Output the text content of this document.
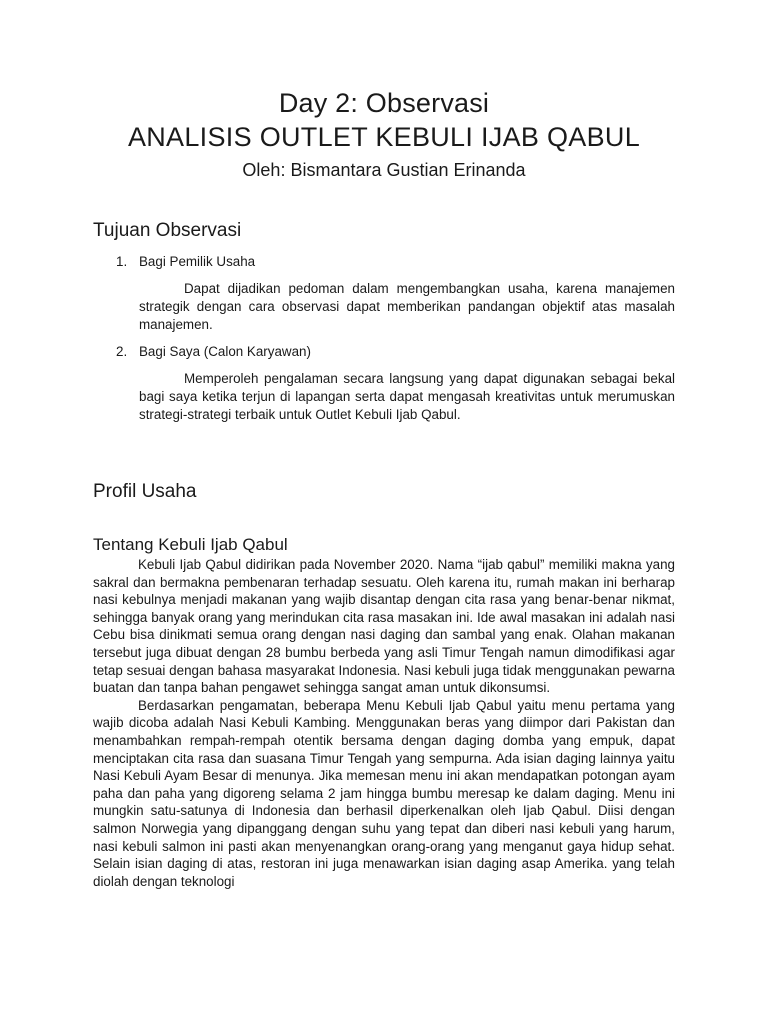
Day 2: Observasi
ANALISIS OUTLET KEBULI IJAB QABUL
Oleh: Bismantara Gustian Erinanda
Tujuan Observasi
1. Bagi Pemilik Usaha

Dapat dijadikan pedoman dalam mengembangkan usaha, karena manajemen strategik dengan cara observasi dapat memberikan pandangan objektif atas masalah manajemen.

2. Bagi Saya (Calon Karyawan)

Memperoleh pengalaman secara langsung yang dapat digunakan sebagai bekal bagi saya ketika terjun di lapangan serta dapat mengasah kreativitas untuk merumuskan strategi-strategi terbaik untuk Outlet Kebuli Ijab Qabul.

Profil Usaha
Tentang Kebuli Ijab Qabul

Kebuli Ijab Qabul didirikan pada November 2020. Nama “ijab qabul” memiliki makna yang sakral dan bermakna pembenaran terhadap sesuatu. Oleh karena itu, rumah makan ini berharap nasi kebulnya menjadi makanan yang wajib disantap dengan cita rasa yang benar-benar nikmat, sehingga banyak orang yang merindukan cita rasa masakan ini. Ide awal masakan ini adalah nasi Cebu bisa dinikmati semua orang dengan nasi daging dan sambal yang enak. Olahan makanan tersebut juga dibuat dengan 28 bumbu berbeda yang asli Timur Tengah namun dimodifikasi agar tetap sesuai dengan bahasa masyarakat Indonesia. Nasi kebuli juga tidak menggunakan pewarna buatan dan tanpa bahan pengawet sehingga sangat aman untuk dikonsumsi.

Berdasarkan pengamatan, beberapa Menu Kebuli Ijab Qabul yaitu menu pertama yang wajib dicoba adalah Nasi Kebuli Kambing. Menggunakan beras yang diimpor dari Pakistan dan menambahkan rempah-rempah otentik bersama dengan daging domba yang empuk, dapat menciptakan cita rasa dan suasana Timur Tengah yang sempurna. Ada isian daging lainnya yaitu Nasi Kebuli Ayam Besar di menunya. Jika memesan menu ini akan mendapatkan potongan ayam paha dan paha yang digoreng selama 2 jam hingga bumbu meresap ke dalam daging. Menu ini mungkin satu-satunya di Indonesia dan berhasil diperkenalkan oleh Ijab Qabul. Diisi dengan salmon Norwegia yang dipanggang dengan suhu yang tepat dan diberi nasi kebuli yang harum, nasi kebuli salmon ini pasti akan menyenangkan orang-orang yang menganut gaya hidup sehat. Selain isian daging di atas, restoran ini juga menawarkan isian daging asap Amerika. yang telah diolah dengan teknologi
